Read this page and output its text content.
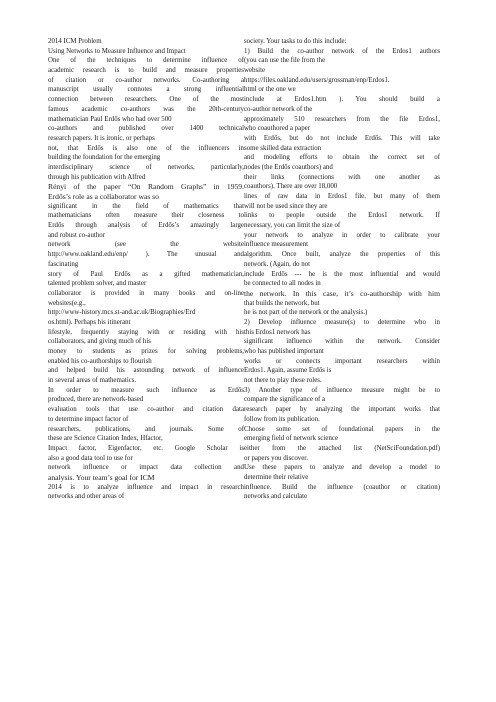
2014 ICM Problem
Using Networks to Measure Influence and Impact
One of the techniques to determine influence of
academic research is to build and measure properties
of citation or co-author networks. Co-authoring a
manuscript usually connotes a strong influential
connection between researchers. One of the most
famous academic co-authors was the 20th-century
mathematician Paul Erdős who had over 500
co-authors and published over 1400 technical
research papers. It is ironic, or perhaps
not, that Erdős is also one of the influencers in
building the foundation for the emerging
interdisciplinary science of networks, particularly,
through his publication with Alfred
Rényi of the paper “On Random Graphs” in 1959.
Erdős’s role as a collaborator was so
significant in the field of mathematics that
mathematicians often measure their closeness to
Erdős through analysis of Erdős’s amazingly large
and robust co-author
network (see the website
http://www.oakland.edu/enp/ ). The unusual and
fascinating
story of Paul Erdős as a gifted mathematician,
talented problem solver, and master
collaborator is provided in many books and on-line
websites(e.g.,
http://www-history.mcs.st-and.ac.uk/Biographies/Erd
os.html). Perhaps his itinerant
lifestyle, frequently staying with or residing with his
collaborators, and giving much of his
money to students as prizes for solving problems,
enabled his co-authorships to flourish
and helped build his astounding network of influence
in several areas of mathematics.
In order to measure such influence as Erdős
produced, there are network-based
evaluation tools that use co-author and citation data
to determine impact factor of
researchers, publications, and journals. Some of
these are Science Citation Index, Hfactor,
Impact factor, Eigenfactor, etc. Google Scholar is
also a good data tool to use for
network influence or impact data collection and
analysis. Your team’s goal for ICM
2014 is to analyze influence and impact in research
networks and other areas of
society. Your tasks to do this include:
1) Build the co-author network of the Erdos1 authors
(you can use the file from the
website
https://files.oakland.edu/users/grossman/enp/Erdos1.
html or the one we
include at Erdos1.htm ). You should build a
co-author network of the
approximately 510 researchers from the file Erdos1,
who coauthored a paper
with Erdős, but do not include Erdős. This will take
some skilled data extraction
and modeling efforts to obtain the correct set of
nodes (the Erdős coauthors) and
their links (connections with one another as
coauthors). There are over 18,000
lines of raw data in Erdos1 file, but many of them
will not be used since they are
links to people outside the Erdos1 network. If
necessary, you can limit the size of
your network to analyze in order to calibrate your
influence measurement
algorithm. Once built, analyze the properties of this
network. (Again, do not
include Erdős --- he is the most influential and would
be connected to all nodes in
the network. In this case, it’s co-authorship with him
that builds the network, but
he is not part of the network or the analysis.)
2) Develop influence measure(s) to determine who in
this Erdos1 network has
significant influence within the network. Consider
who has published important
works or connects important researchers within
Erdos1. Again, assume Erdős is
not there to play these roles.
3) Another type of influence measure might be to
compare the significance of a
research paper by analyzing the important works that
follow from its publication.
Choose some set of foundational papers in the
emerging field of network science
either from the attached list (NetSciFoundation.pdf)
or papers you discover.
Use these papers to analyze and develop a model to
determine their relative
influence. Build the influence (coauthor or citation)
networks and calculate
